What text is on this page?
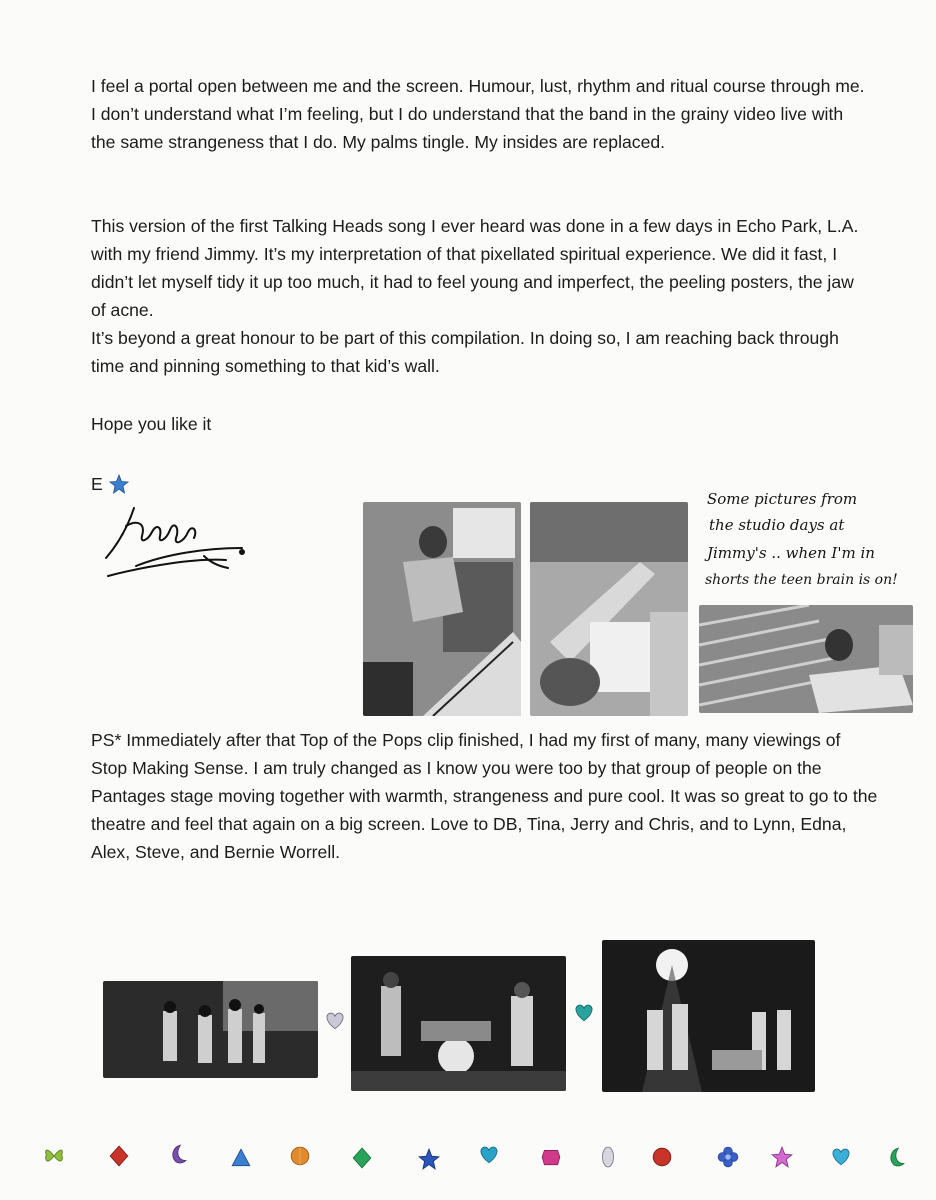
I feel a portal open between me and the screen. Humour, lust, rhythm and ritual course through me. I don’t understand what I’m feeling, but I do understand that the band in the grainy video live with the same strangeness that I do. My palms tingle. My insides are replaced.

This version of the first Talking Heads song I ever heard was done in a few days in Echo Park, L.A. with my friend Jimmy. It’s my interpretation of that pixellated spiritual experience. We did it fast, I didn’t let myself tidy it up too much, it had to feel young and imperfect, the peeling posters, the jaw of acne.

It’s beyond a great honour to be part of this compilation. In doing so, I am reaching back through time and pinning something to that kid’s wall.

Hope you like it

E

Some pictures from
the studio days at
Jimmy's .. when I'm in
shorts the teen brain is on!

PS* Immediately after that Top of the Pops clip finished, I had my first of many, many viewings of Stop Making Sense. I am truly changed as I know you were too by that group of people on the Pantages stage moving together with warmth, strangeness and pure cool. It was so great to go to the theatre and feel that again on a big screen. Love to DB, Tina, Jerry and Chris, and to Lynn, Edna, Alex, Steve, and Bernie Worrell.
